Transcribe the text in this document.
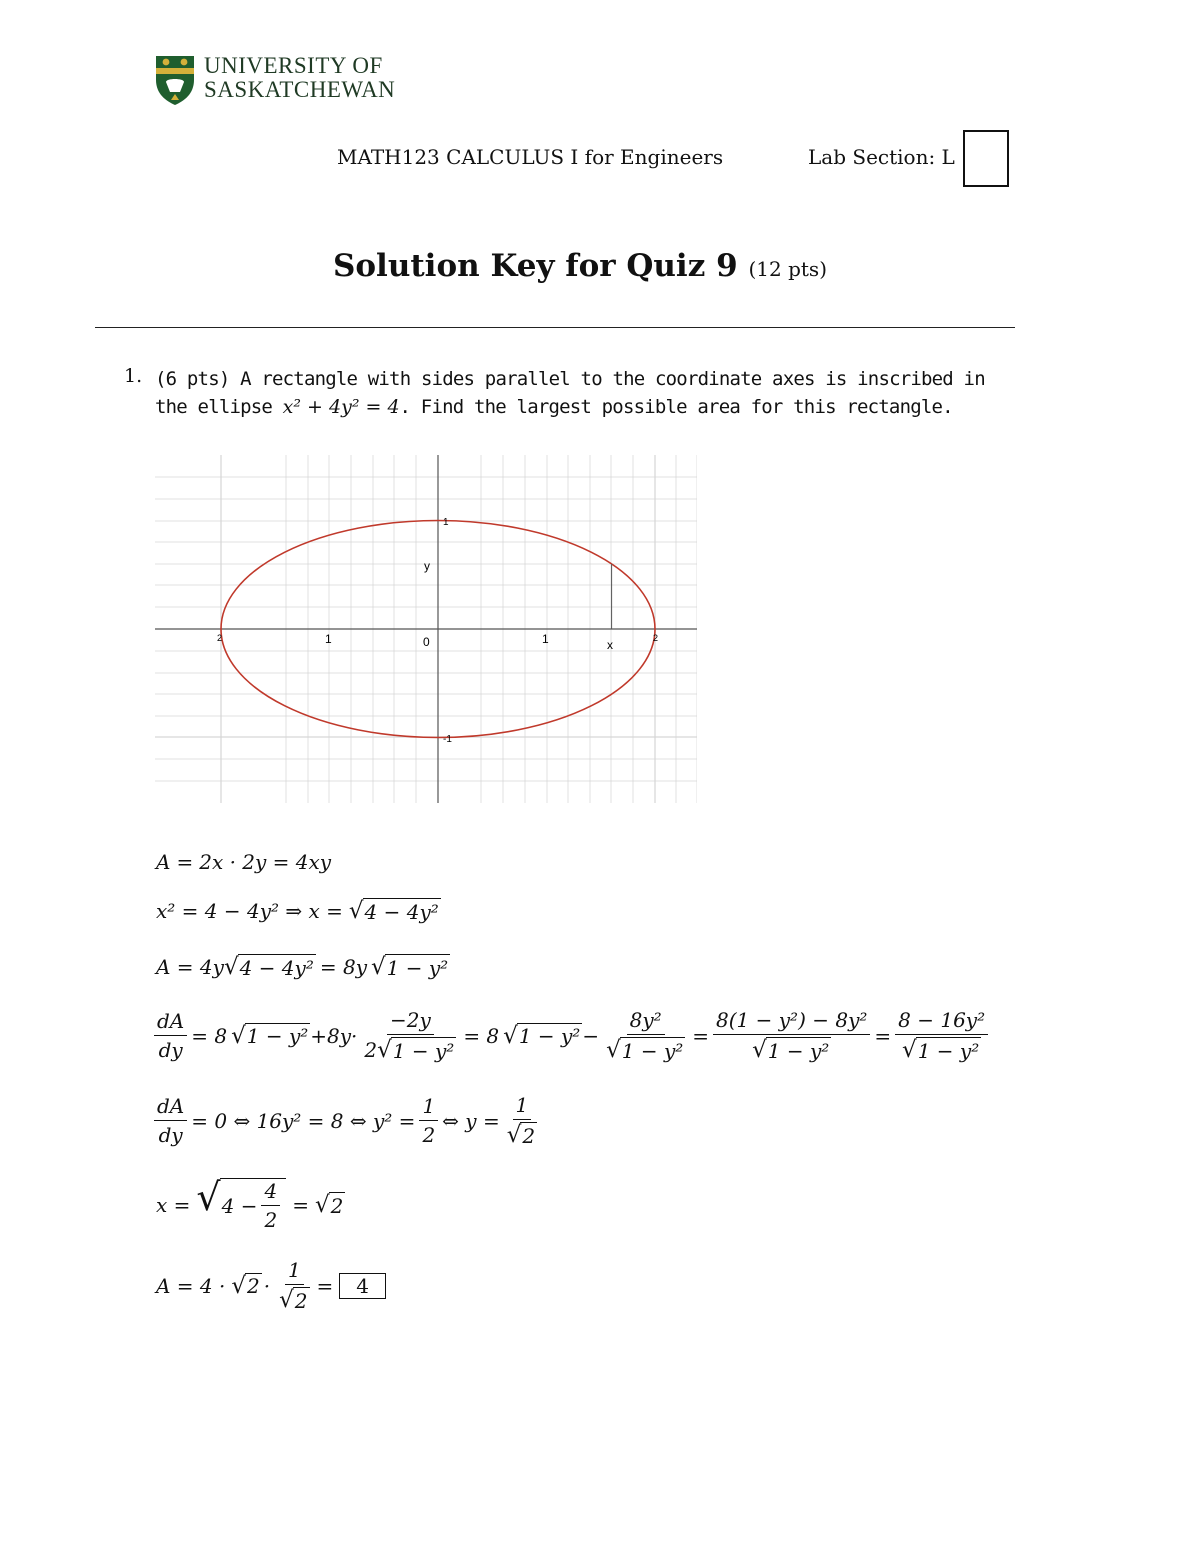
UNIVERSITY OF
SASKATCHEWAN
MATH123 CALCULUS I for Engineers	Lab Section: L
Solution Key for Quiz 9 (12 pts)
1. (6 pts) A rectangle with sides parallel to the coordinate axes is inscribed in the ellipse x² + 4y² = 4. Find the largest possible area for this rectangle.
y
x
0
1	1
1
-1
2	2
A = 2x · 2y = 4xy
x² = 4 − 4y² ⇒ x = √ 4 − 4y²
A = 4y √ 4 − 4y² = 8y √ 1 − y²
$\frac{dA}{dy} = 8$ √ $1 - y^2 +8y\cdot \frac{-2y}{\text{2 √ 1 − y²}} = 8$ √ $1 - y^2 - \frac{\text{8y²}}{\text{√ 1 − y²}} = \frac{\text{8(1 − y²) − 8y²}}{\text{√ 1 − y²}} = \frac{\text{8 − 16y²}}{\text{√ 1 − y²}}$
$\frac{dA}{dy} = 0$ ⇔ 16y² = 8 ⇔ $y^2 = \frac{1}{2}$ ⇔ $y = \frac{1}{√ 2}$
x = √ $4 - \frac{4}{2}$ = √ 2
A = 4 · √ $2 \cdot \frac{1}{√ 2}$ =	4
